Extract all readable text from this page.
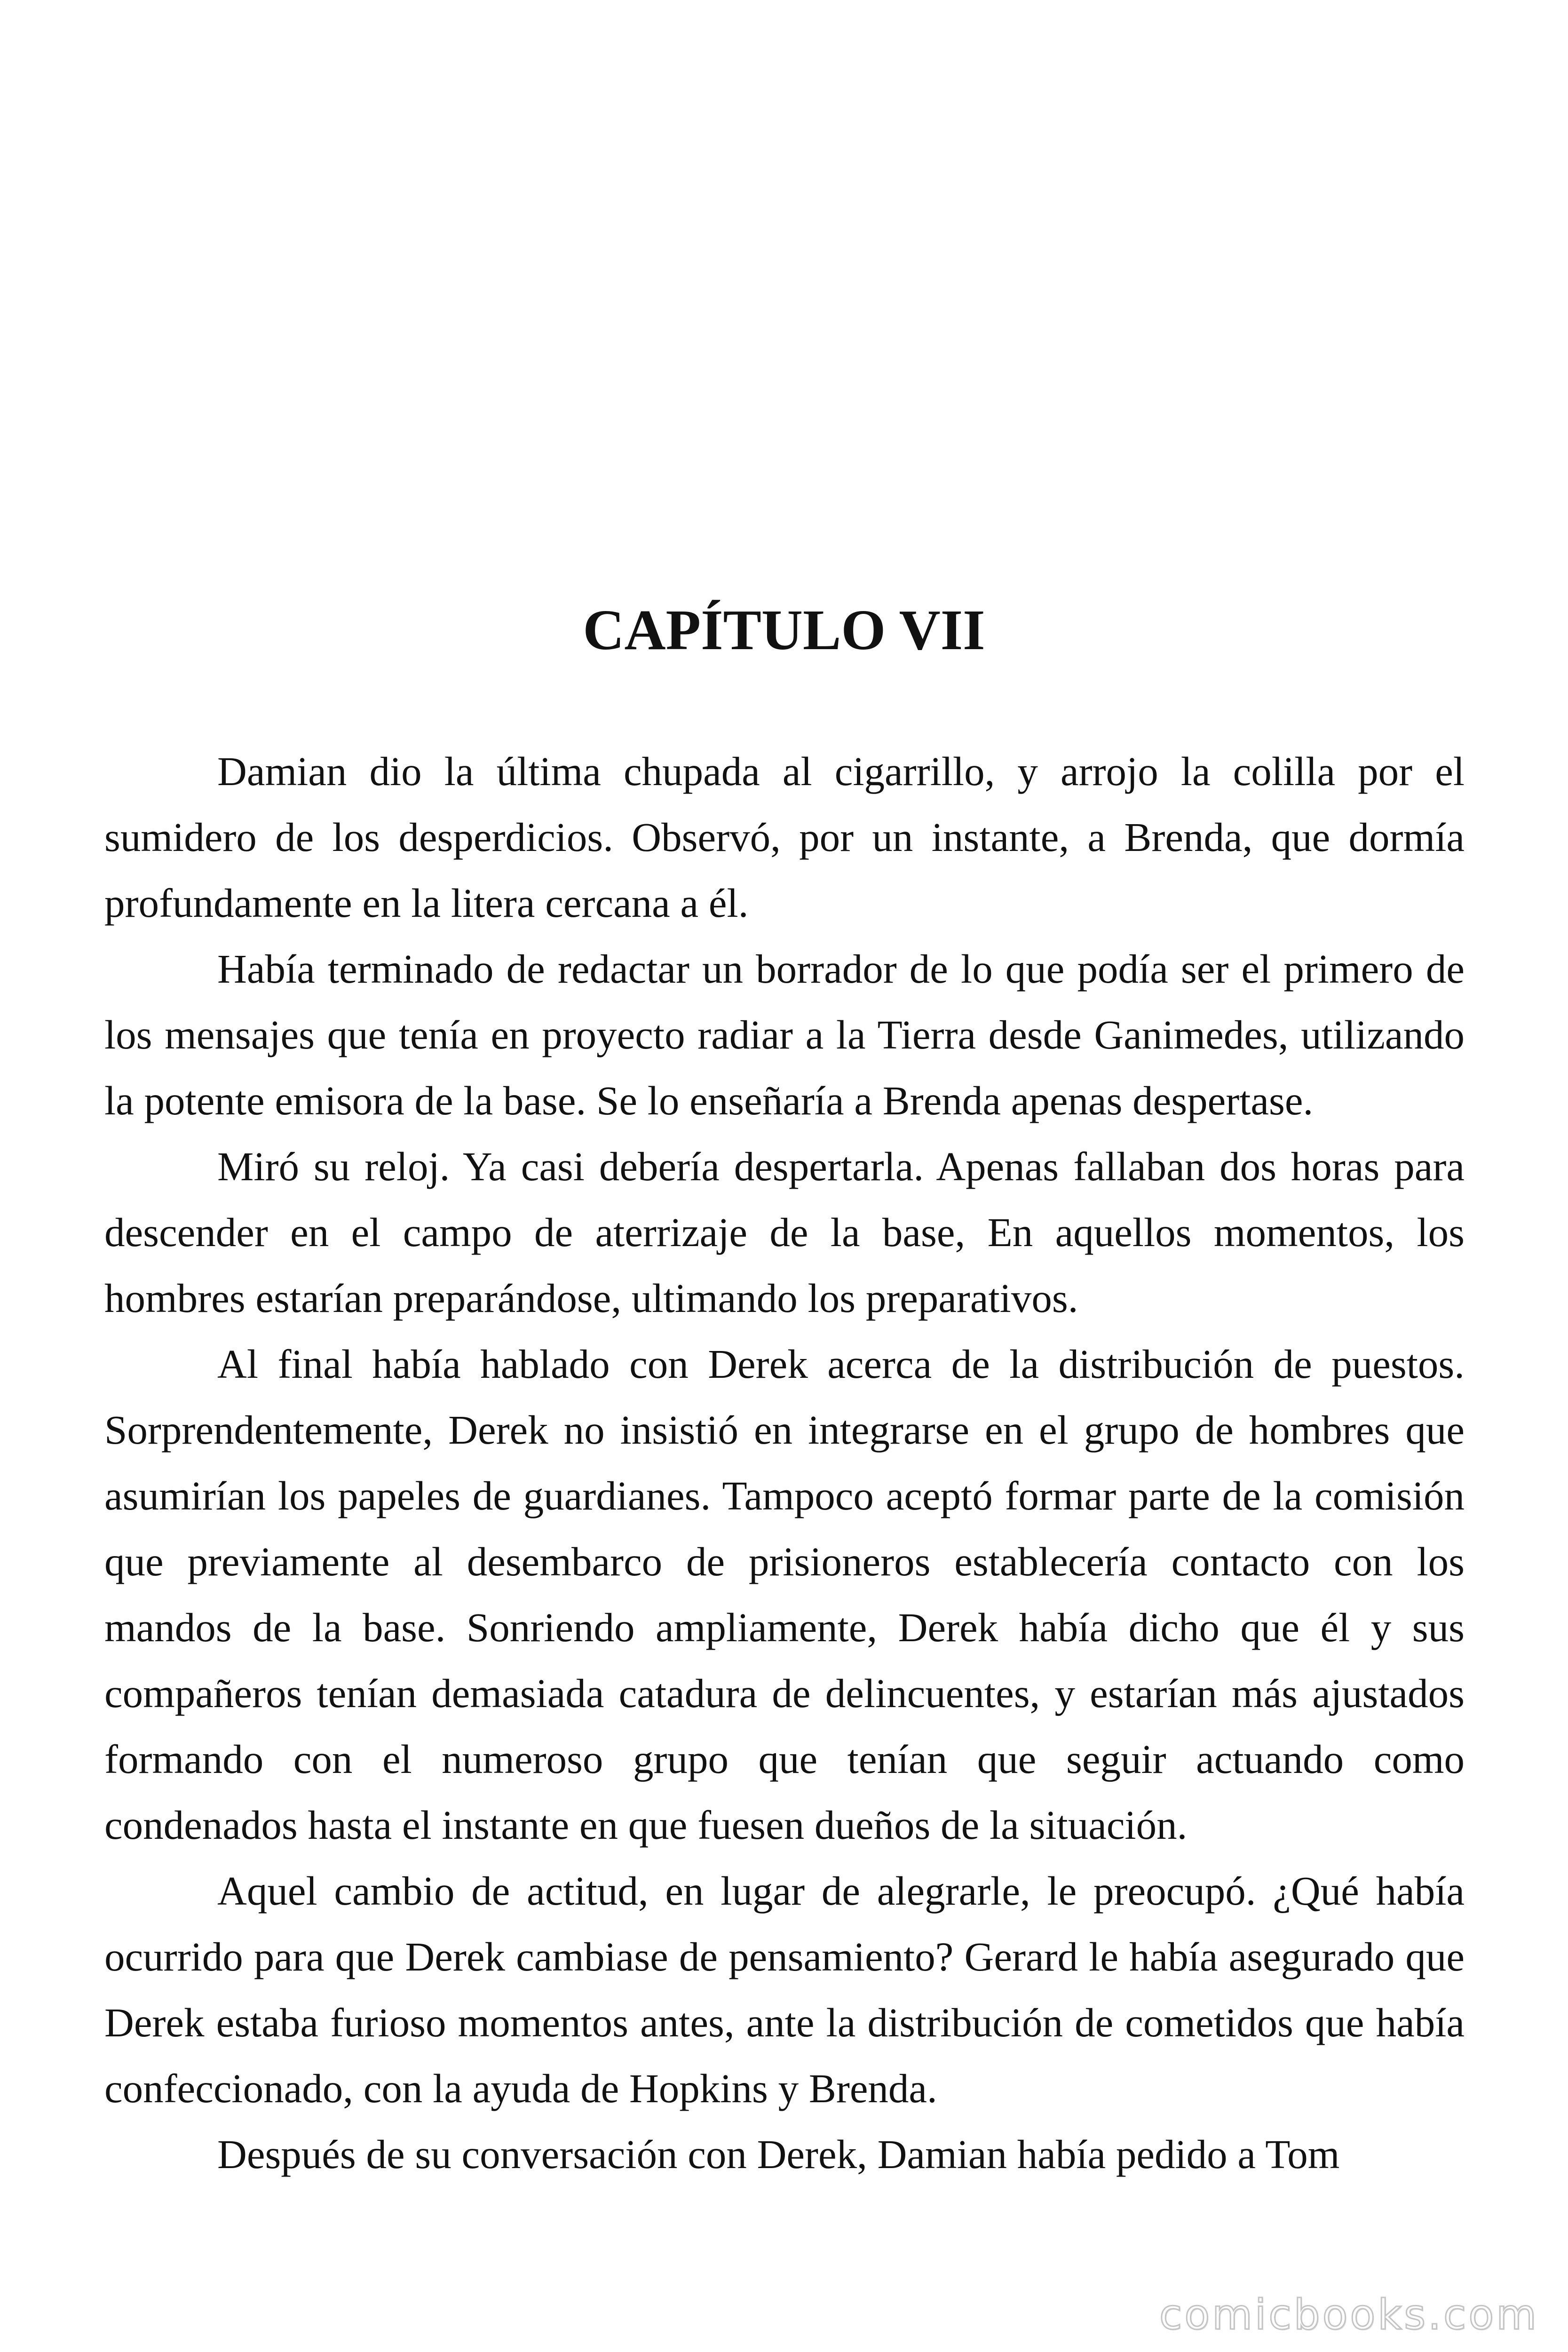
CAPÍTULO VII

Damian dio la última chupada al cigarrillo, y arrojo la colilla por el sumidero de los desperdicios. Observó, por un instante, a Brenda, que dormía profundamente en la litera cercana a él.

Había terminado de redactar un borrador de lo que podía ser el primero de los mensajes que tenía en proyecto radiar a la Tierra desde Ganimedes, utilizando la potente emisora de la base. Se lo enseñaría a Brenda apenas despertase.

Miró su reloj. Ya casi debería despertarla. Apenas fallaban dos horas para descender en el campo de aterrizaje de la base, En aquellos momentos, los hombres estarían preparándose, ultimando los preparativos.

Al final había hablado con Derek acerca de la distribución de puestos. Sorprendentemente, Derek no insistió en integrarse en el grupo de hombres que asumirían los papeles de guardianes. Tampoco aceptó formar parte de la comisión que previamente al desembarco de prisioneros establecería contacto con los mandos de la base. Sonriendo ampliamente, Derek había dicho que él y sus compañeros tenían demasiada catadura de delincuentes, y estarían más ajustados formando con el numeroso grupo que tenían que seguir actuando como condenados hasta el instante en que fuesen dueños de la situación.

Aquel cambio de actitud, en lugar de alegrarle, le preocupó. ¿Qué había ocurrido para que Derek cambiase de pensamiento? Gerard le había asegurado que Derek estaba furioso momentos antes, ante la distribución de cometidos que había confeccionado, con la ayuda de Hopkins y Brenda.

Después de su conversación con Derek, Damian había pedido a Tom

comicbooks.com
